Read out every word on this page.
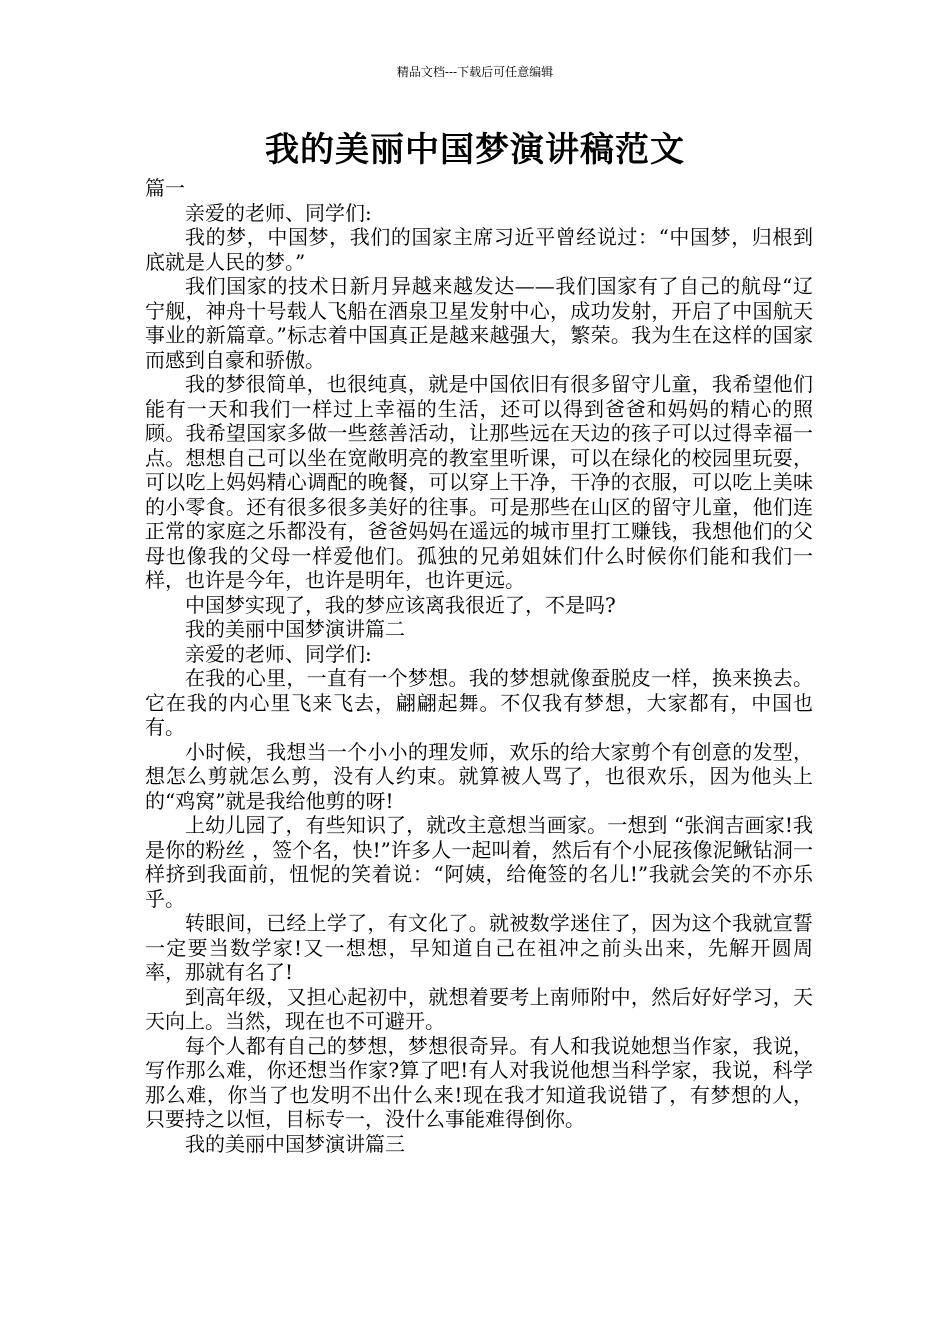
精品文档---下载后可任意编辑
我的美丽中国梦演讲稿范文

篇一

亲爱的老师、同学们:

我的梦，中国梦，我们的国家主席习近平曾经说过：“中国梦，归根到底就是人民的梦。”

我们国家的技术日新月异越来越发达——我们国家有了自己的航母“辽宁舰，神舟十号载人飞船在酒泉卫星发射中心，成功发射，开启了中国航天事业的新篇章。”标志着中国真正是越来越强大，繁荣。我为生在这样的国家而感到自豪和骄傲。

我的梦很简单，也很纯真，就是中国依旧有很多留守儿童，我希望他们能有一天和我们一样过上幸福的生活，还可以得到爸爸和妈妈的精心的照顾。我希望国家多做一些慈善活动，让那些远在天边的孩子可以过得幸福一点。想想自己可以坐在宽敞明亮的教室里听课，可以在绿化的校园里玩耍，可以吃上妈妈精心调配的晚餐，可以穿上干净，干净的衣服，可以吃上美味的小零食。还有很多很多美好的往事。可是那些在山区的留守儿童，他们连正常的家庭之乐都没有，爸爸妈妈在遥远的城市里打工赚钱，我想他们的父母也像我的父母一样爱他们。孤独的兄弟姐妹们什么时候你们能和我们一样，也许是今年，也许是明年，也许更远。

中国梦实现了，我的梦应该离我很近了，不是吗?

我的美丽中国梦演讲篇二

亲爱的老师、同学们:

在我的心里，一直有一个梦想。我的梦想就像蚕脱皮一样，换来换去。它在我的内心里飞来飞去，翩翩起舞。不仅我有梦想，大家都有，中国也有。

小时候，我想当一个小小的理发师，欢乐的给大家剪个有创意的发型，想怎么剪就怎么剪，没有人约束。就算被人骂了，也很欢乐，因为他头上的“鸡窝”就是我给他剪的呀!

上幼儿园了，有些知识了，就改主意想当画家。一想到 “张润吉画家!我是你的粉丝 ，签个名，快!”许多人一起叫着，然后有个小屁孩像泥鳅钻洞一样挤到我面前，忸怩的笑着说：“阿姨，给俺签的名儿!”我就会笑的不亦乐乎。

转眼间，已经上学了，有文化了。就被数学迷住了，因为这个我就宣誓一定要当数学家!又一想想，早知道自己在祖冲之前头出来，先解开圆周率，那就有名了!

到高年级，又担心起初中，就想着要考上南师附中，然后好好学习，天天向上。当然，现在也不可避开。

每个人都有自己的梦想，梦想很奇异。有人和我说她想当作家，我说，写作那么难，你还想当作家?算了吧!有人对我说他想当科学家，我说，科学那么难，你当了也发明不出什么来!现在我才知道我说错了，有梦想的人，只要持之以恒，目标专一，没什么事能难得倒你。

我的美丽中国梦演讲篇三
